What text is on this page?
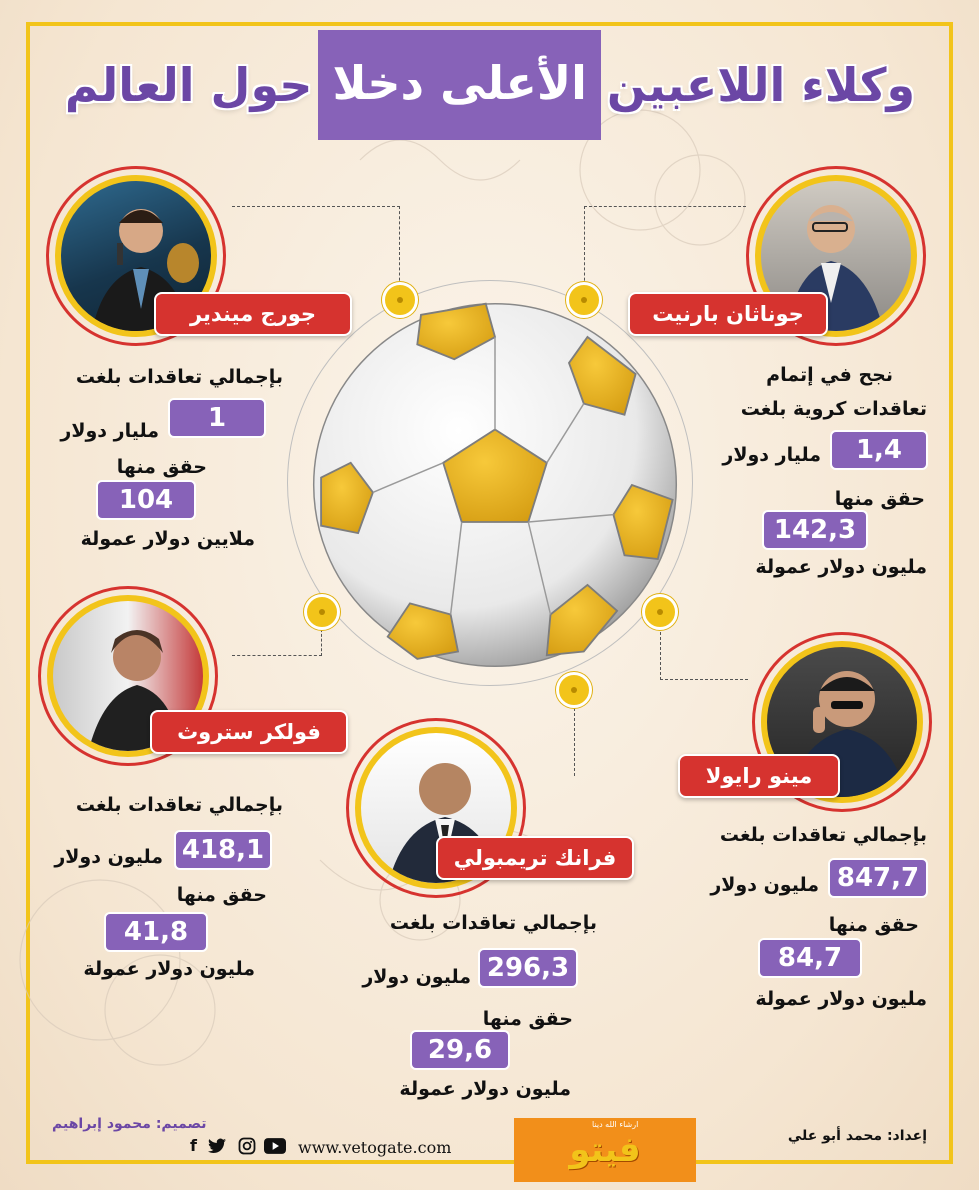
وكلاء اللاعبين
الأعلى دخلا
حول العالم
جورج ميندير
بإجمالي تعاقدات بلغت
1
مليار دولار
حقق منها
104
ملايين دولار عمولة
جوناثان بارنيت
نجح في إتمام
تعاقدات كروية بلغت
1,4
مليار دولار
حقق منها
142,3
مليون دولار عمولة
فولكر ستروث
بإجمالي تعاقدات بلغت
418,1
مليون دولار
حقق منها
41,8
مليون دولار عمولة
مينو رايولا
بإجمالي تعاقدات بلغت
847,7
مليون دولار
حقق منها
84,7
مليون دولار عمولة
فرانك تريمبولي
بإجمالي تعاقدات بلغت
296,3
مليون دولار
حقق منها
29,6
مليون دولار عمولة
تصميم: محمود إبراهيم
إعداد: محمد أبو علي
f	www.vetogate.com	فيتو
ارشاء الله دينا
